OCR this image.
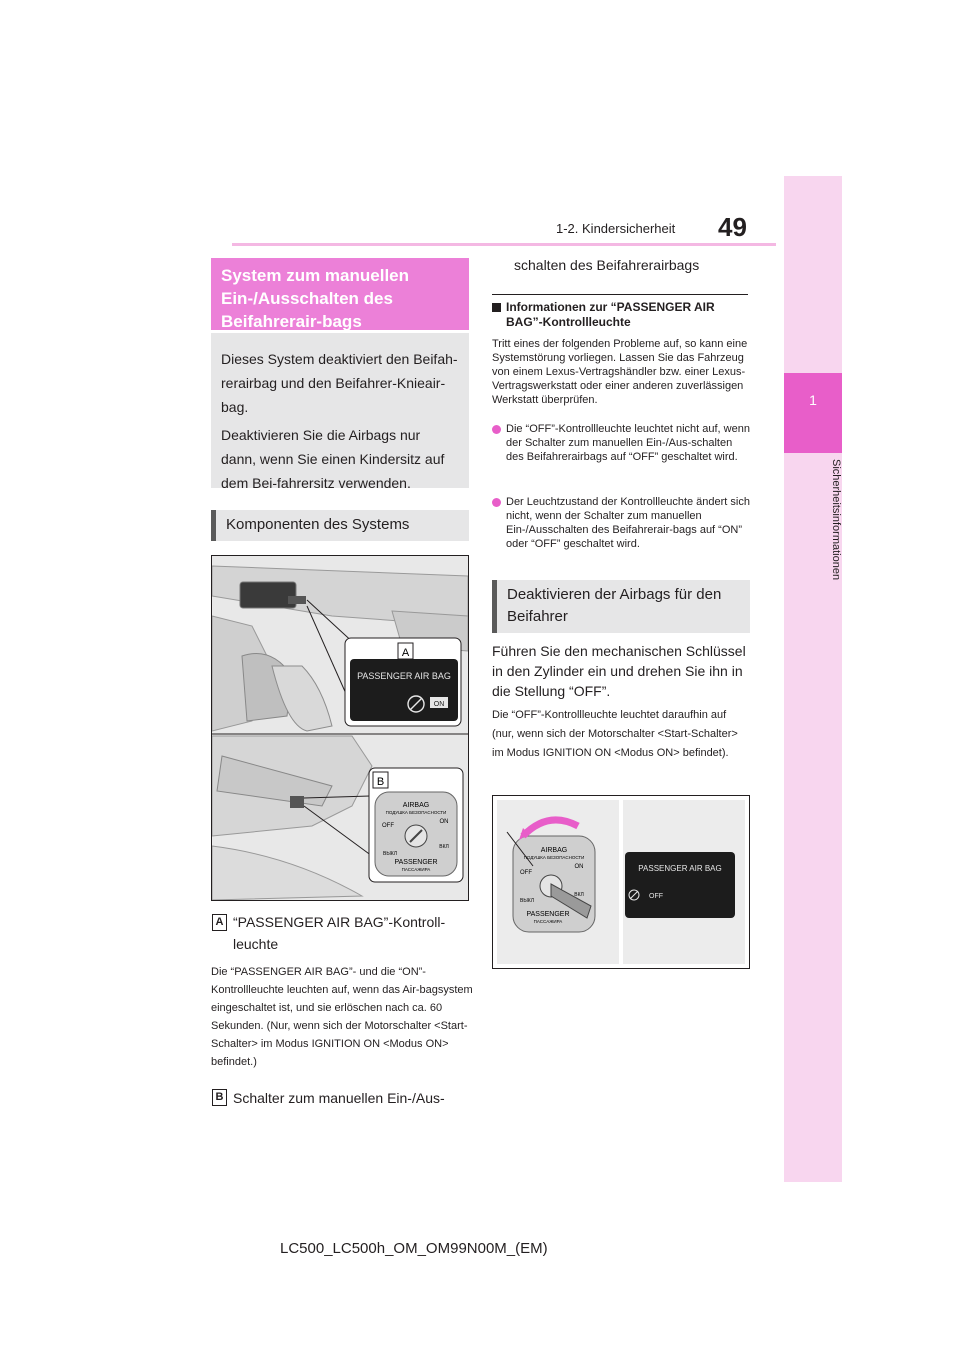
49
1-2. Kindersicherheit
1
Sicherheitsinformationen
System zum manuellen Ein-/Ausschalten des Beifahrerair-bags

Dieses System deaktiviert den Beifah-rerairbag und den Beifahrer-Knieair-bag.

Deaktivieren Sie die Airbags nur dann, wenn Sie einen Kindersitz auf dem Bei-fahrersitz verwenden.

Komponenten des Systems
A
PASSENGER AIR BAG
ON
B
AIRBAG
ПОДУШКА БЕЗОПАСНОСТИ
OFF
ON
ВЫКЛ
ВКЛ
PASSENGER
ПАССАЖИРА
A “PASSENGER AIR BAG”-Kontroll-leuchte
Die “PASSENGER AIR BAG”- und die “ON”-Kontrollleuchte leuchten auf, wenn das Air-bagsystem eingeschaltet ist, und sie erlöschen nach ca. 60 Sekunden. (Nur, wenn sich der Motorschalter <Start-Schalter> im Modus IGNITION ON <Modus ON> befindet.)
B Schalter zum manuellen Ein-/Aus-
schalten des Beifahrerairbags
Informationen zur “PASSENGER AIR BAG”-Kontrollleuchte
Tritt eines der folgenden Probleme auf, so kann eine Systemstörung vorliegen. Lassen Sie das Fahrzeug von einem Lexus-Vertragshändler bzw. einer Lexus-Vertragswerkstatt oder einer anderen zuverlässigen Werkstatt überprüfen.
Die “OFF”-Kontrollleuchte leuchtet nicht auf, wenn der Schalter zum manuellen Ein-/Aus-schalten des Beifahrerairbags auf “OFF” geschaltet wird.
Der Leuchtzustand der Kontrollleuchte ändert sich nicht, wenn der Schalter zum manuellen Ein-/Ausschalten des Beifahrerair-bags auf “ON” oder “OFF” geschaltet wird.
Deaktivieren der Airbags für den Beifahrer
Führen Sie den mechanischen Schlüssel in den Zylinder ein und drehen Sie ihn in die Stellung “OFF”.
Die “OFF”-Kontrollleuchte leuchtet daraufhin auf (nur, wenn sich der Motorschalter <Start-Schalter> im Modus IGNITION ON <Modus ON> befindet).
AIRBAG
ПОДУШКА БЕЗОПАСНОСТИ
OFF
ON
ВЫКЛ
ВКЛ
PASSENGER
ПАССАЖИРА
PASSENGER AIR BAG
OFF
LC500_LC500h_OM_OM99N00M_(EM)
